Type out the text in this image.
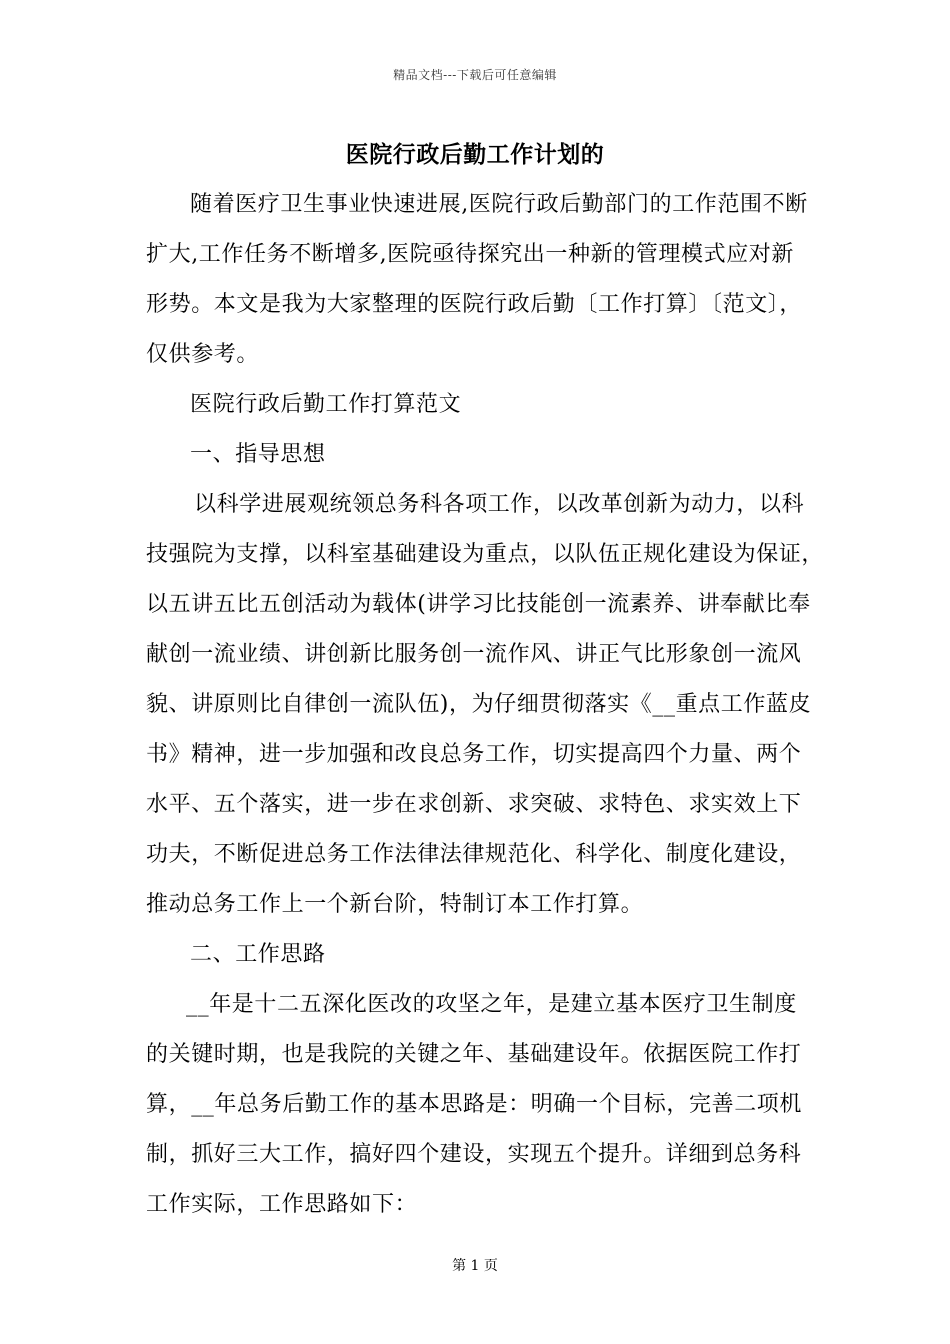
精品文档---下载后可任意编辑
医院行政后勤工作计划的
随着医疗卫生事业快速进展,医院行政后勤部门的工作范围不断
扩大,工作任务不断增多,医院亟待探究出一种新的管理模式应对新
形势。本文是我为大家整理的医院行政后勤〔工作打算〕〔范文〕，
仅供参考。
医院行政后勤工作打算范文
一、指导思想
以科学进展观统领总务科各项工作，以改革创新为动力，以科
技强院为支撑，以科室基础建设为重点，以队伍正规化建设为保证，
以五讲五比五创活动为载体(讲学习比技能创一流素养、讲奉献比奉
献创一流业绩、讲创新比服务创一流作风、讲正气比形象创一流风
貌、讲原则比自律创一流队伍)，为仔细贯彻落实《__重点工作蓝皮
书》精神，进一步加强和改良总务工作，切实提高四个力量、两个
水平、五个落实，进一步在求创新、求突破、求特色、求实效上下
功夫，不断促进总务工作法律法律规范化、科学化、制度化建设，
推动总务工作上一个新台阶，特制订本工作打算。
二、工作思路
__年是十二五深化医改的攻坚之年，是建立基本医疗卫生制度
的关键时期，也是我院的关键之年、基础建设年。依据医院工作打
算，__年总务后勤工作的基本思路是：明确一个目标，完善二项机
制，抓好三大工作，搞好四个建设，实现五个提升。详细到总务科
工作实际，工作思路如下：
第 1 页
